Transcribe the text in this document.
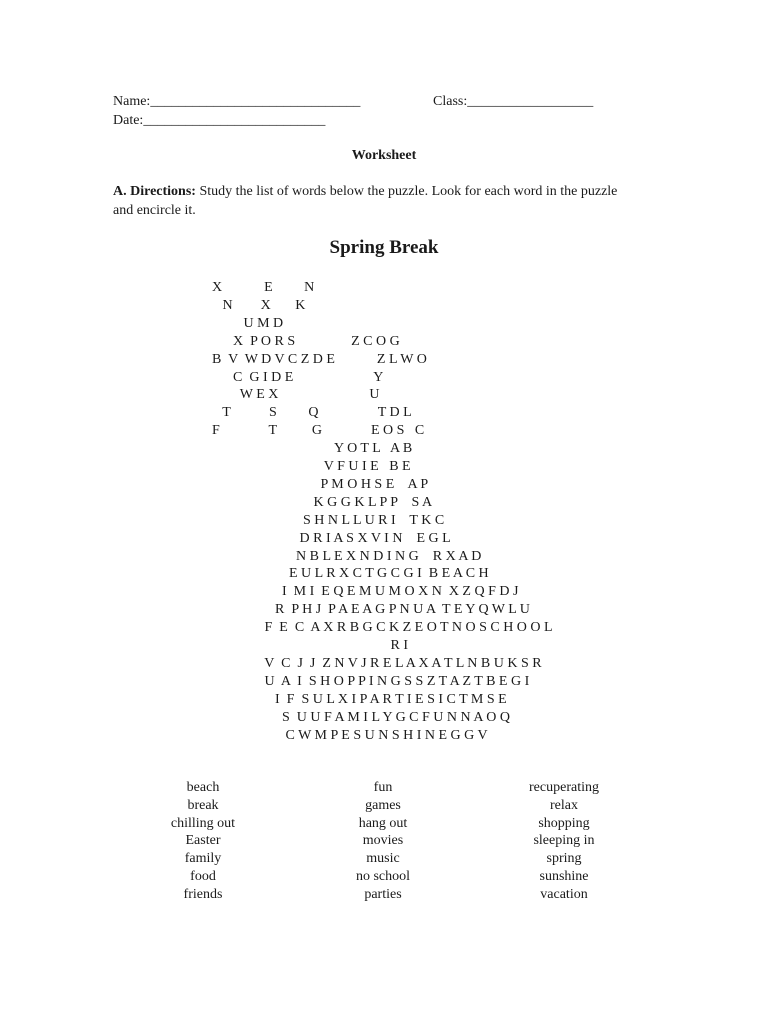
Name:______________________________	Class:__________________
Date:__________________________
Worksheet
A. Directions: Study the list of words below the puzzle. Look for each word in the puzzle and encircle it.
Spring Break
X            E         N
N        X       K
U M D
X  P O R S                Z C O G
B  V  W D V C Z D E            Z L W O
C  G I D E                       Y
W E X                          U
T           S         Q                 T D L
F              T          G              E O S   C
Y O T L   A B
V F U I E   B E
P M O H S E    A P
K G G K L P P    S A
S H N L L U R I    T K C
D R I A S X V I N    E G L
N B L E X N D I N G    R X A D
E U L R X C T G C G I  B E A C H
I  M I  E Q E M U M O X N  X Z Q F D J
R  P H J  P A E A G P N U A  T E Y Q W L U
F  E  C  A X R B G C K Z E O T N O S C H O O L
R I
V  C  J  J  Z N V J R E L A X A T L N B U K S R
U  A  I  S H O P P I N G S S Z T A Z T B E G I
I  F  S U L X I P A R T I E S I C T M S E
S  U U F A M I L Y G C F U N N A O Q
C W M P E S U N S H I N E G G V
beach
break
chilling out
Easter
family
food
friends
fun
games
hang out
movies
music
no school
parties
recuperating
relax
shopping
sleeping in
spring
sunshine
vacation
